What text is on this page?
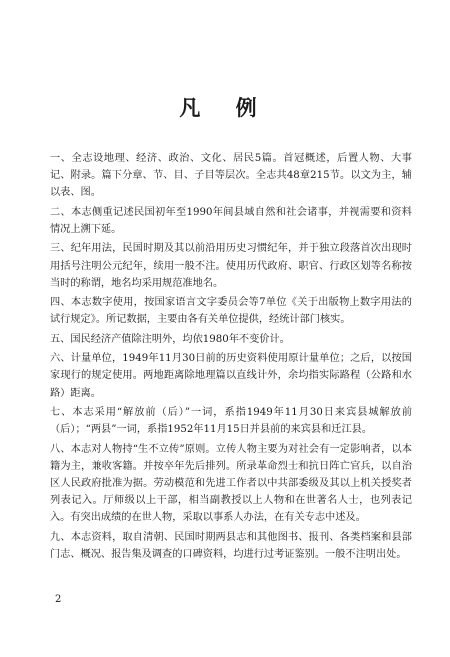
凡 例

一、全志设地理、经济、政治、文化、居民5篇。首冠概述，后置人物、大事记、附录。篇下分章、节、目、子目等层次。全志共48章215节。以文为主，辅以表、图。

二、本志侧重记述民国初年至1990年间县域自然和社会诸事，并视需要和资料情况上溯下延。

三、纪年用法，民国时期及其以前沿用历史习惯纪年，并于独立段落首次出现时用括号注明公元纪年，续用一般不注。使用历代政府、职官、行政区划等名称按当时的称谓，地名均采用规范准地名。

四、本志数字使用，按国家语言文字委员会等7单位《关于出版物上数字用法的试行规定》。所记数据，主要由各有关单位提供，经统计部门核实。

五、国民经济产值除注明外，均依1980年不变价计。

六、计量单位，1949年11月30日前的历史资料使用原计量单位；之后，以按国家现行的规定使用。两地距离除地理篇以直线计外，余均指实际路程（公路和水路）距离。

七、本志采用“解放前（后）”一词，系指1949年11月30日来宾县城解放前（后）；“两县”一词，系指1952年11月15日并县前的来宾县和迁江县。

八、本志对人物持“生不立传”原则。立传人物主要为对社会有一定影响者，以本籍为主，兼收客籍。并按卒年先后排列。所录革命烈士和抗日阵亡官兵，以自治区人民政府批准为据。劳动模范和先进工作者以中共部委级及其以上机关授奖者列表记入。厅师级以上干部，相当副教授以上人物和在世著名人士，也列表记入。有突出成绩的在世人物，采取以事系人办法，在有关专志中述及。

九、本志资料，取自清朝、民国时期两县志和其他图书、报刊、各类档案和县部门志、概况、报告集及调查的口碑资料，均进行过考证鉴别。一般不注明出处。

2
